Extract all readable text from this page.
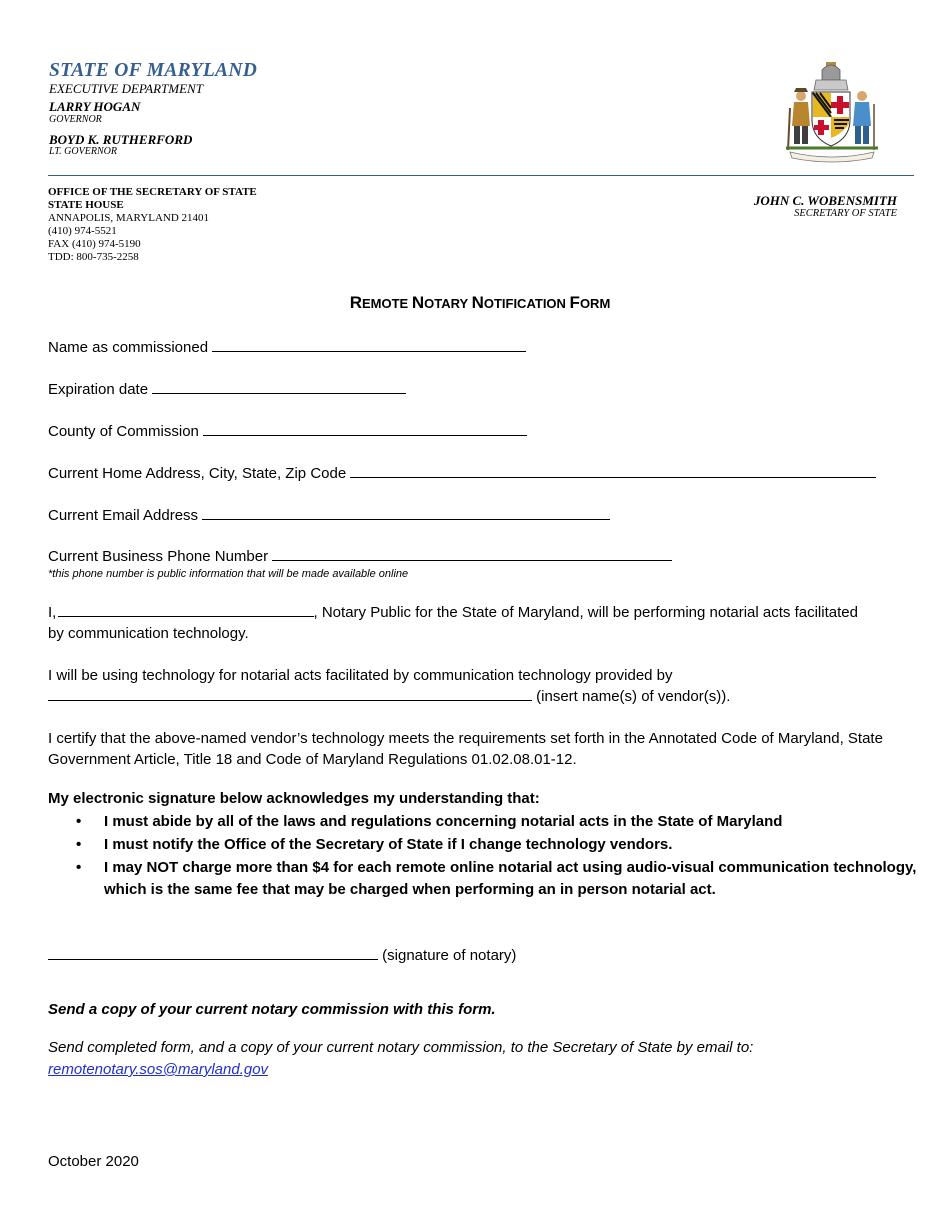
STATE OF MARYLAND
EXECUTIVE DEPARTMENT
LARRY HOGAN
GOVERNOR
BOYD K. RUTHERFORD
LT. GOVERNOR
OFFICE OF THE SECRETARY OF STATE
STATE HOUSE
ANNAPOLIS, MARYLAND 21401
(410) 974-5521
FAX (410) 974-5190
TDD: 800-735-2258
JOHN C. WOBENSMITH
SECRETARY OF STATE
REMOTE NOTARY NOTIFICATION FORM
Name as commissioned
Expiration date
County of Commission
Current Home Address, City, State, Zip Code
Current Email Address
Current Business Phone Number
*this phone number is public information that will be made available online
I,	, Notary Public for the State of Maryland, will be performing notarial acts facilitated
by communication technology.
I will be using technology for notarial acts facilitated by communication technology provided by
(insert name(s) of vendor(s)).
I certify that the above-named vendor’s technology meets the requirements set forth in the Annotated Code of Maryland, State Government Article, Title 18 and Code of Maryland Regulations 01.02.08.01-12.
My electronic signature below acknowledges my understanding that:
• I must abide by all of the laws and regulations concerning notarial acts in the State of Maryland
• I must notify the Office of the Secretary of State if I change technology vendors.
• I may NOT charge more than $4 for each remote online notarial act using audio-visual communication technology, which is the same fee that may be charged when performing an in person notarial act.
(signature of notary)
Send a copy of your current notary commission with this form.
Send completed form, and a copy of your current notary commission, to the Secretary of State by email to:
remotenotary.sos@maryland.gov
October 2020
